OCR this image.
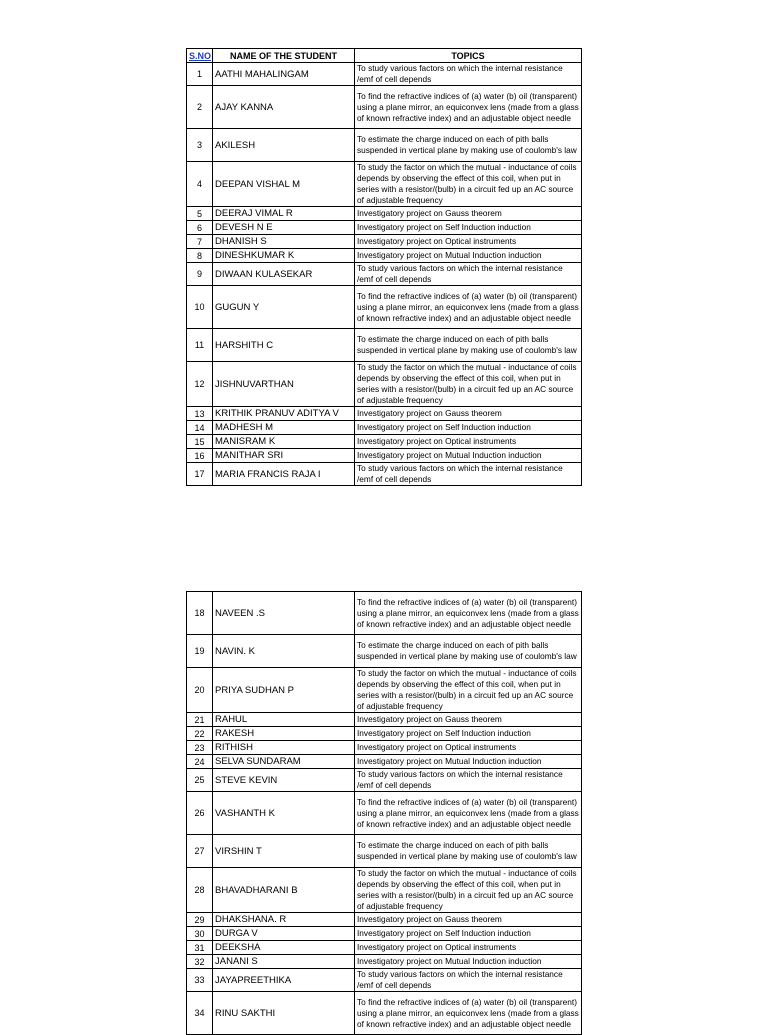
S.NO	NAME OF THE STUDENT	TOPICS
1	AATHI MAHALINGAM	To study various factors on which the internal resistance /emf of cell depends
2	AJAY KANNA	To find the refractive indices of (a) water (b) oil (transparent) using a plane mirror, an equiconvex lens (made from a glass of known refractive index) and an adjustable object needle
3	AKILESH	To estimate the charge induced on each of pith balls suspended in vertical plane by making use of coulomb's law
4	DEEPAN VISHAL M	To study the factor on which the mutual - inductance of coils depends by observing the effect of this coil, when put in series with a resistor/(bulb) in a circuit fed up an AC source of adjustable frequency
5	DEERAJ VIMAL R	Investigatory project on Gauss theorem
6	DEVESH N E	Investigatory project on Self Induction induction
7	DHANISH S	Investigatory project on Optical instruments
8	DINESHKUMAR K	Investigatory project on Mutual Induction induction
9	DIWAAN KULASEKAR	To study various factors on which the internal resistance /emf of cell depends
10	GUGUN Y	To find the refractive indices of (a) water (b) oil (transparent) using a plane mirror, an equiconvex lens (made from a glass of known refractive index) and an adjustable object needle
11	HARSHITH C	To estimate the charge induced on each of pith balls suspended in vertical plane by making use of coulomb's law
12	JISHNUVARTHAN	To study the factor on which the mutual - inductance of coils depends by observing the effect of this coil, when put in series with a resistor/(bulb) in a circuit fed up an AC source of adjustable frequency
13	KRITHIK PRANUV ADITYA V	Investigatory project on Gauss theorem
14	MADHESH M	Investigatory project on Self Induction induction
15	MANISRAM K	Investigatory project on Optical instruments
16	MANITHAR SRI	Investigatory project on Mutual Induction induction
17	MARIA FRANCIS RAJA I	To study various factors on which the internal resistance /emf of cell depends
18	NAVEEN .S	To find the refractive indices of (a) water (b) oil (transparent) using a plane mirror, an equiconvex lens (made from a glass of known refractive index) and an adjustable object needle
19	NAVIN. K	To estimate the charge induced on each of pith balls suspended in vertical plane by making use of coulomb's law
20	PRIYA SUDHAN P	To study the factor on which the mutual - inductance of coils depends by observing the effect of this coil, when put in series with a resistor/(bulb) in a circuit fed up an AC source of adjustable frequency
21	RAHUL	Investigatory project on Gauss theorem
22	RAKESH	Investigatory project on Self Induction induction
23	RITHISH	Investigatory project on Optical instruments
24	SELVA SUNDARAM	Investigatory project on Mutual Induction induction
25	STEVE KEVIN	To study various factors on which the internal resistance /emf of cell depends
26	VASHANTH K	To find the refractive indices of (a) water (b) oil (transparent) using a plane mirror, an equiconvex lens (made from a glass of known refractive index) and an adjustable object needle
27	VIRSHIN T	To estimate the charge induced on each of pith balls suspended in vertical plane by making use of coulomb's law
28	BHAVADHARANI B	To study the factor on which the mutual - inductance of coils depends by observing the effect of this coil, when put in series with a resistor/(bulb) in a circuit fed up an AC source of adjustable frequency
29	DHAKSHANA. R	Investigatory project on Gauss theorem
30	DURGA V	Investigatory project on Self Induction induction
31	DEEKSHA	Investigatory project on Optical instruments
32	JANANI S	Investigatory project on Mutual Induction induction
33	JAYAPREETHIKA	To study various factors on which the internal resistance /emf of cell depends
34	RINU SAKTHI	To find the refractive indices of (a) water (b) oil (transparent) using a plane mirror, an equiconvex lens (made from a glass of known refractive index) and an adjustable object needle
